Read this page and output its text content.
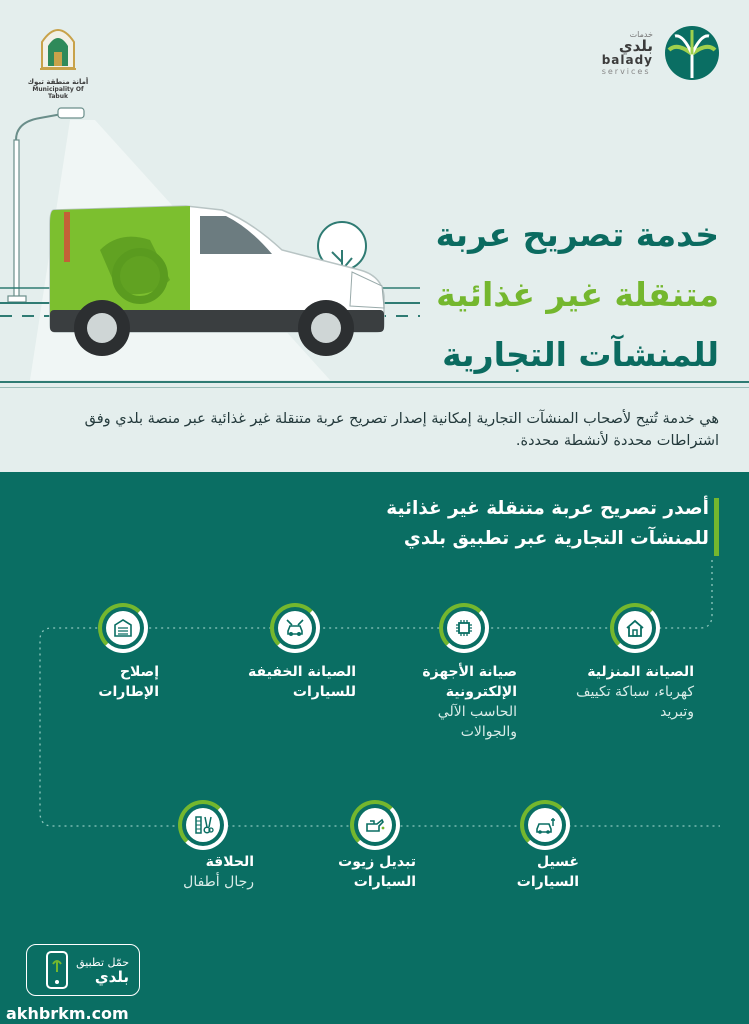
أمانة منطقة تبوك
Municipality Of Tabuk
خدمات
بلدي
balady
services
خدمة تصريح عربة
متنقلة غير غذائية
للمنشآت التجارية

هي خدمة تُتيح لأصحاب المنشآت التجارية إمكانية إصدار تصريح عربة متنقلة غير غذائية عبر منصة بلدي وفق اشتراطات محددة لأنشطة محددة.

أصدر تصريح عربة متنقلة غير غذائية
للمنشآت التجارية عبر تطبيق بلدي
الصيانة المنزلية
كهرباء، سباكة تكييف وتبريد
صيانة الأجهزة الإلكترونية
الحاسب الآلي والجوالات
الصيانة الخفيفة للسيارات
إصلاح الإطارات
غسيل السيارات
تبديل زيوت السيارات
الحلاقة
رجال أطفال
حمّل تطبيق
بلدي
akhbrkm.com
